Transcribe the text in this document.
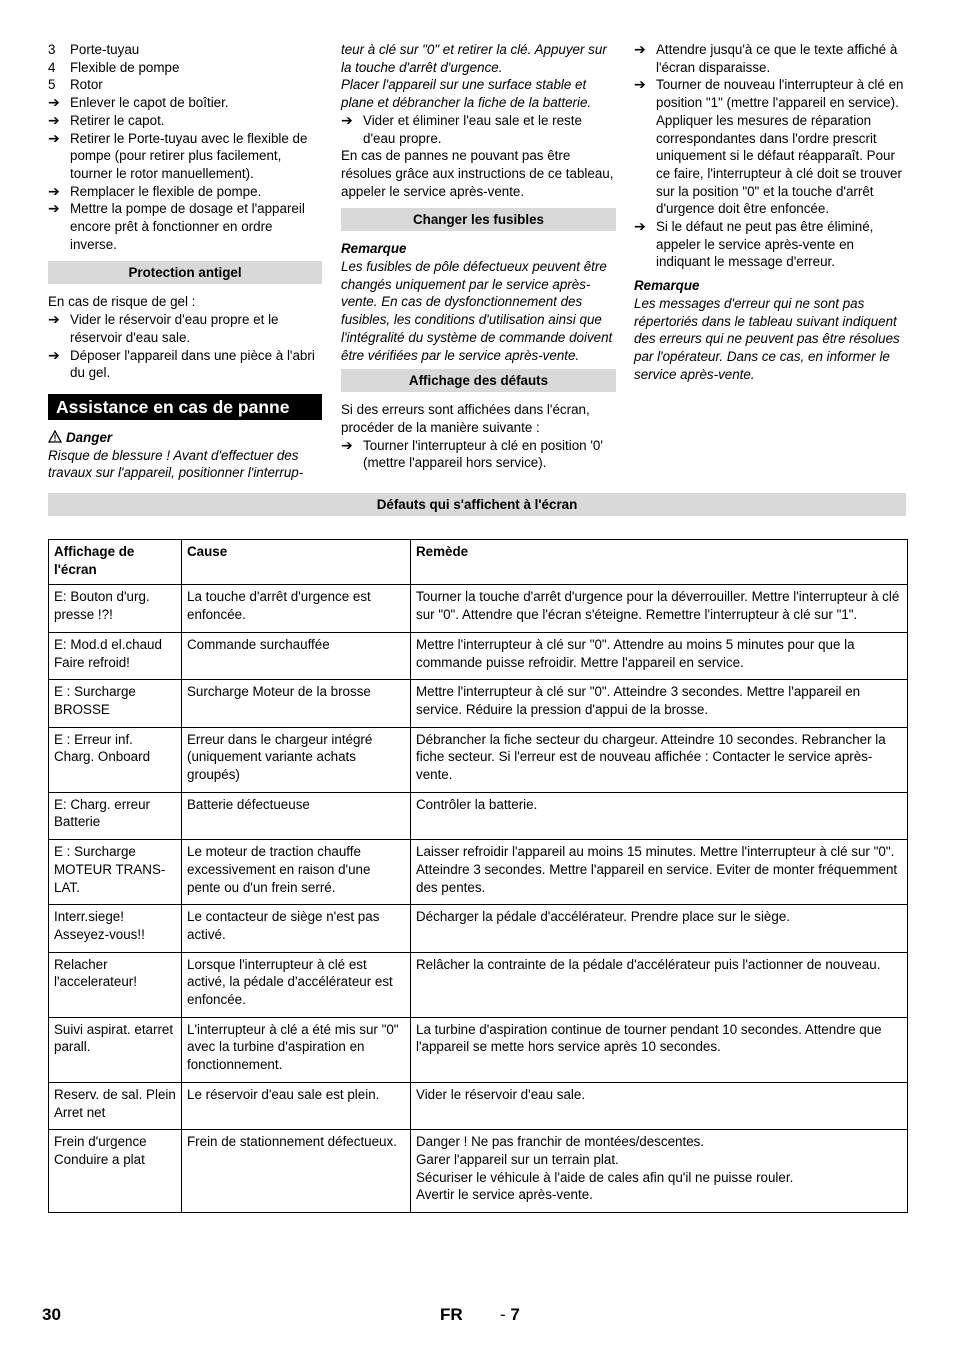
3	Porte-tuyau
4	Flexible de pompe
5	Rotor
➔ Enlever le capot de boîtier.
➔ Retirer le capot.
➔ Retirer le Porte-tuyau avec le flexible de pompe (pour retirer plus facilement, tourner le rotor manuellement).
➔ Remplacer le flexible de pompe.
➔ Mettre la pompe de dosage et l'appareil encore prêt à fonctionner en ordre inverse.
Protection antigel

En cas de risque de gel :

➔ Vider le réservoir d'eau propre et le réservoir d'eau sale.
➔ Déposer l'appareil dans une pièce à l'abri du gel.
Assistance en cas de panne
Danger

Risque de blessure ! Avant d'effectuer des travaux sur l'appareil, positionner l'interrup-

teur à clé sur "0" et retirer la clé. Appuyer sur la touche d'arrêt d'urgence.

Placer l'appareil sur une surface stable et plane et débrancher la fiche de la batterie.

➔ Vider et éliminer l'eau sale et le reste d'eau propre.

En cas de pannes ne pouvant pas être résolues grâce aux instructions de ce tableau, appeler le service après-vente.

Changer les fusibles
Remarque

Les fusibles de pôle défectueux peuvent être changés uniquement par le service après-vente. En cas de dysfonctionnement des fusibles, les conditions d'utilisation ainsi que l'intégralité du système de commande doivent être vérifiées par le service après-vente.

Affichage des défauts

Si des erreurs sont affichées dans l'écran, procéder de la manière suivante :

➔ Tourner l'interrupteur à clé en position '0' (mettre l'appareil hors service).
➔ Attendre jusqu'à ce que le texte affiché à l'écran disparaisse.
➔ Tourner de nouveau l'interrupteur à clé en position "1" (mettre l'appareil en service). Appliquer les mesures de réparation correspondantes dans l'ordre prescrit uniquement si le défaut réapparaît. Pour ce faire, l'interrupteur à clé doit se trouver sur la position "0" et la touche d'arrêt d'urgence doit être enfoncée.
➔ Si le défaut ne peut pas être éliminé, appeler le service après-vente en indiquant le message d'erreur.
Remarque

Les messages d'erreur qui ne sont pas répertoriés dans le tableau suivant indiquent des erreurs qui ne peuvent pas être résolues par l'opérateur. Dans ce cas, en informer le service après-vente.

Défauts qui s'affichent à l'écran
Affichage de l'écran	Cause	Remède
E: Bouton d'urg. presse !?!	La touche d'arrêt d'urgence est enfoncée.	Tourner la touche d'arrêt d'urgence pour la déverrouiller. Mettre l'interrupteur à clé sur "0". Attendre que l'écran s'éteigne. Remettre l'interrupteur à clé sur "1".
E: Mod.d el.chaud Faire refroid!	Commande surchauffée	Mettre l'interrupteur à clé sur "0". Attendre au moins 5 minutes pour que la commande puisse refroidir. Mettre l'appareil en service.
E : Surcharge BROSSE	Surcharge Moteur de la brosse	Mettre l'interrupteur à clé sur "0". Atteindre 3 secondes. Mettre l'appareil en service. Réduire la pression d'appui de la brosse.
E : Erreur inf. Charg. Onboard	Erreur dans le chargeur intégré (uniquement variante achats groupés)	Débrancher la fiche secteur du chargeur. Atteindre 10 secondes. Rebrancher la fiche secteur. Si l'erreur est de nouveau affichée : Contacter le service après-vente.
E: Charg. erreur Batterie	Batterie défectueuse	Contrôler la batterie.
E : Surcharge MOTEUR TRANS-LAT.	Le moteur de traction chauffe excessivement en raison d'une pente ou d'un frein serré.	Laisser refroidir l'appareil au moins 15 minutes. Mettre l'interrupteur à clé sur "0". Atteindre 3 secondes. Mettre l'appareil en service. Eviter de monter fréquemment des pentes.
Interr.siege! Asseyez-vous!!	Le contacteur de siège n'est pas activé.	Décharger la pédale d'accélérateur. Prendre place sur le siège.
Relacher l'accelerateur!	Lorsque l'interrupteur à clé est activé, la pédale d'accélérateur est enfoncée.	Relâcher la contrainte de la pédale d'accélérateur puis l'actionner de nouveau.
Suivi aspirat. etarret parall.	L'interrupteur à clé a été mis sur "0" avec la turbine d'aspiration en fonctionnement.	La turbine d'aspiration continue de tourner pendant 10 secondes. Attendre que l'appareil se mette hors service après 10 secondes.
Reserv. de sal. Plein Arret net	Le réservoir d'eau sale est plein.	Vider le réservoir d'eau sale.
Frein d'urgence Conduire a plat	Frein de stationnement défectueux.	Danger ! Ne pas franchir de montées/descentes.
Garer l'appareil sur un terrain plat.
Sécuriser le véhicule à l'aide de cales afin qu'il ne puisse rouler.
Avertir le service après-vente.
30	FR - 7
